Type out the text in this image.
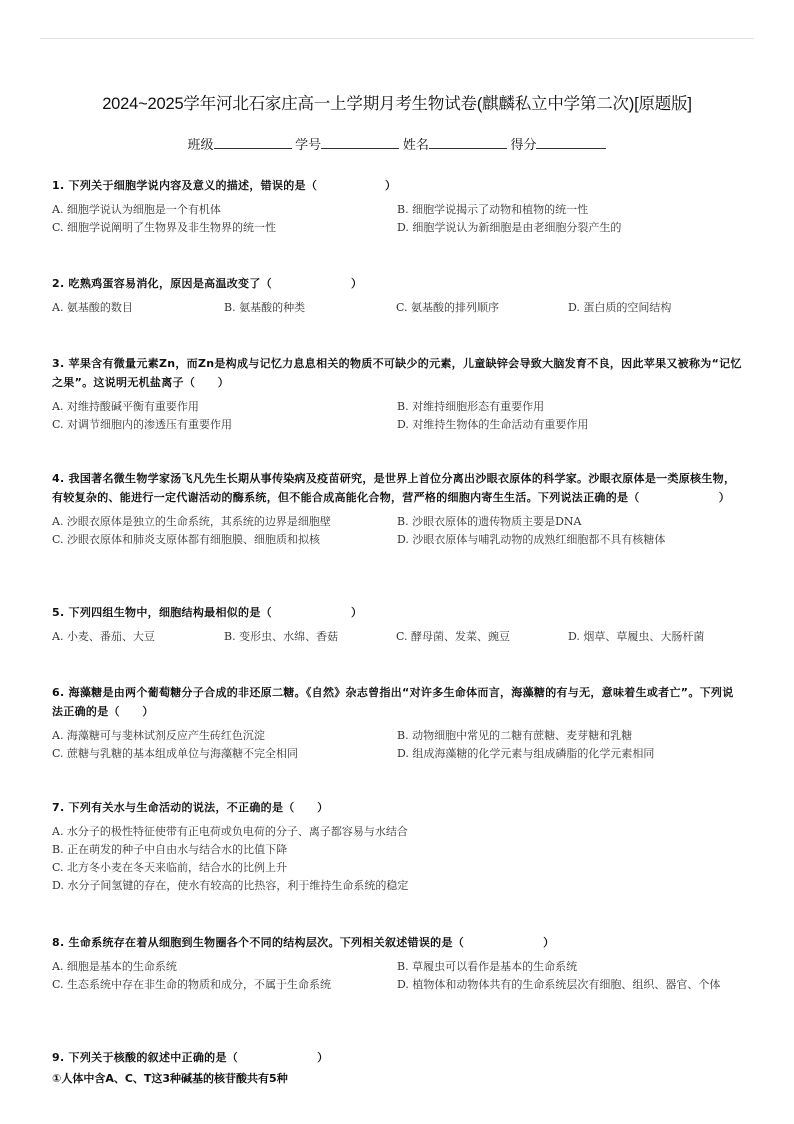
2024~2025学年河北石家庄高一上学期月考生物试卷(麒麟私立中学第二次)[原题版]
班级	学号	姓名	得分
1. 下列关于细胞学说内容及意义的描述，错误的是（　　　　　　）
A. 细胞学说认为细胞是一个有机体	B. 细胞学说揭示了动物和植物的统一性
C. 细胞学说阐明了生物界及非生物界的统一性	D. 细胞学说认为新细胞是由老细胞分裂产生的
2. 吃熟鸡蛋容易消化，原因是高温改变了（　　　　　　　）
A. 氨基酸的数目	B. 氨基酸的种类	C. 氨基酸的排列顺序	D. 蛋白质的空间结构
3. 苹果含有微量元素Zn，而Zn是构成与记忆力息息相关的物质不可缺少的元素，儿童缺锌会导致大脑发育不良，因此苹果又被称为“记忆之果”。这说明无机盐离子（　　）
A. 对维持酸碱平衡有重要作用	B. 对维持细胞形态有重要作用
C. 对调节细胞内的渗透压有重要作用	D. 对维持生物体的生命活动有重要作用
4. 我国著名微生物学家汤飞凡先生长期从事传染病及疫苗研究，是世界上首位分离出沙眼衣原体的科学家。沙眼衣原体是一类原核生物，有较复杂的、能进行一定代谢活动的酶系统，但不能合成高能化合物，营严格的细胞内寄生生活。下列说法正确的是（　　　　　　　）
A. 沙眼衣原体是独立的生命系统，其系统的边界是细胞壁	B. 沙眼衣原体的遗传物质主要是DNA
C. 沙眼衣原体和肺炎支原体都有细胞膜、细胞质和拟核	D. 沙眼衣原体与哺乳动物的成熟红细胞都不具有核糖体
5. 下列四组生物中，细胞结构最相似的是（　　　　　　　）
A. 小麦、番茄、大豆	B. 变形虫、水绵、香菇	C. 酵母菌、发菜、豌豆	D. 烟草、草履虫、大肠杆菌
6. 海藻糖是由两个葡萄糖分子合成的非还原二糖。《自然》杂志曾指出“对许多生命体而言，海藻糖的有与无，意味着生或者亡”。下列说法正确的是（　　）
A. 海藻糖可与斐林试剂反应产生砖红色沉淀	B. 动物细胞中常见的二糖有蔗糖、麦芽糖和乳糖
C. 蔗糖与乳糖的基本组成单位与海藻糖不完全相同	D. 组成海藻糖的化学元素与组成磷脂的化学元素相同
7. 下列有关水与生命活动的说法，不正确的是（　　）
A. 水分子的极性特征使带有正电荷或负电荷的分子、离子都容易与水结合
B. 正在萌发的种子中自由水与结合水的比值下降
C. 北方冬小麦在冬天来临前，结合水的比例上升
D. 水分子间氢键的存在，使水有较高的比热容，利于维持生命系统的稳定
8. 生命系统存在着从细胞到生物圈各个不同的结构层次。下列相关叙述错误的是（　　　　　　　）
A. 细胞是基本的生命系统	B. 草履虫可以看作是基本的生命系统
C. 生态系统中存在非生命的物质和成分，不属于生命系统	D. 植物体和动物体共有的生命系统层次有细胞、组织、器官、个体
9. 下列关于核酸的叙述中正确的是（　　　　　　　）
①人体中含A、C、T这3种碱基的核苷酸共有5种
